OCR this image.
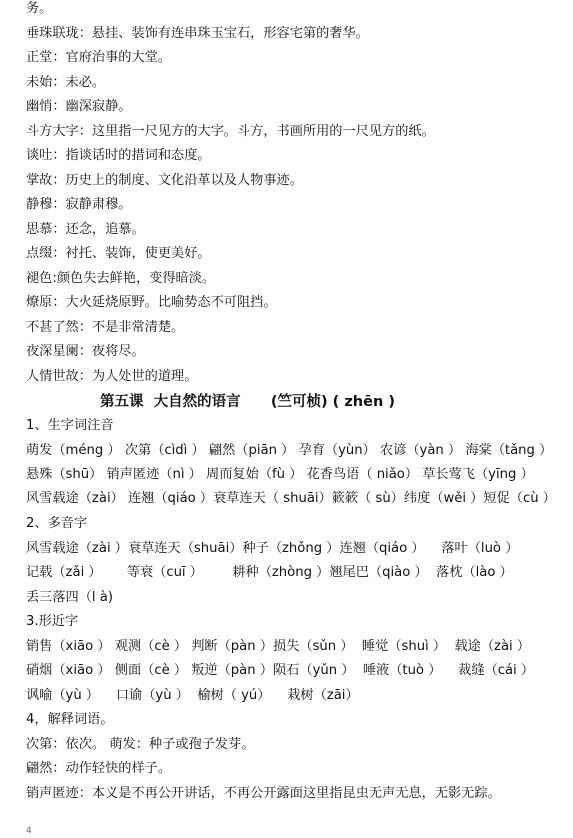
务。
垂珠联珑：悬挂、装饰有连串珠玉宝石，形容宅第的奢华。
正堂：官府治事的大堂。
未始：未必。
幽悄：幽深寂静。
斗方大字：这里指一尺见方的大字。斗方，书画所用的一尺见方的纸。
谈吐：指谈话时的措词和态度。
掌故：历史上的制度、文化沿革以及人物事迹。
静穆：寂静肃穆。
思慕：还念，追慕。
点缀：衬托、装饰，使更美好。
褪色:颜色失去鲜艳，变得暗淡。
燎原：大火延烧原野。比喻势态不可阻挡。
不甚了然：不是非常清楚。
夜深星阑：夜将尽。
人情世故：为人处世的道理。
第五课  大自然的语言      (竺可桢) ( zhēn )
1、生字词注音
萌发（méng ） 次第（cìdì ） 翩然（piān ） 孕育（yùn） 农谚（yàn ） 海棠（tǎng ）
悬殊（shū） 销声匿迹（nì ） 周而复始（fù ） 花香鸟语（ niǎo） 草长莺飞（yīng ）
风雪载途（zài） 连翘（qiáo ）衰草连天（ shuāi）簌簌（ sù）纬度（wěi ）短促（cù ）
2、多音字
风雪载途（zài ）衰草连天（shuāi）种子（zhǒng ）连翘（qiáo ）    落叶（luò ）
记载（zǎi ）      等衰（cuī ）       耕种（zhòng ）翘尾巴（qiào ）  落枕（lào ）
丢三落四（l à)
3.形近字
销售（xiāo ） 观测（cè ） 判断（pàn ）损失（sǔn ）  睡觉（shuì ）  载途（zài ）
硝烟（xiāo ） 侧面（cè ） 叛逆（pàn ）陨石（yǔn ）  唾液（tuò ）    裁缝（cái ）
讽喻（yù ）    口谕（yù ）  榆树（ yú）    栽树（zāi）
4，解释词语。
次第：依次。 萌发：种子或孢子发芽。
翩然：动作轻快的样子。
销声匿迹：本义是不再公开讲话，不再公开露面这里指昆虫无声无息，无影无踪。
4
